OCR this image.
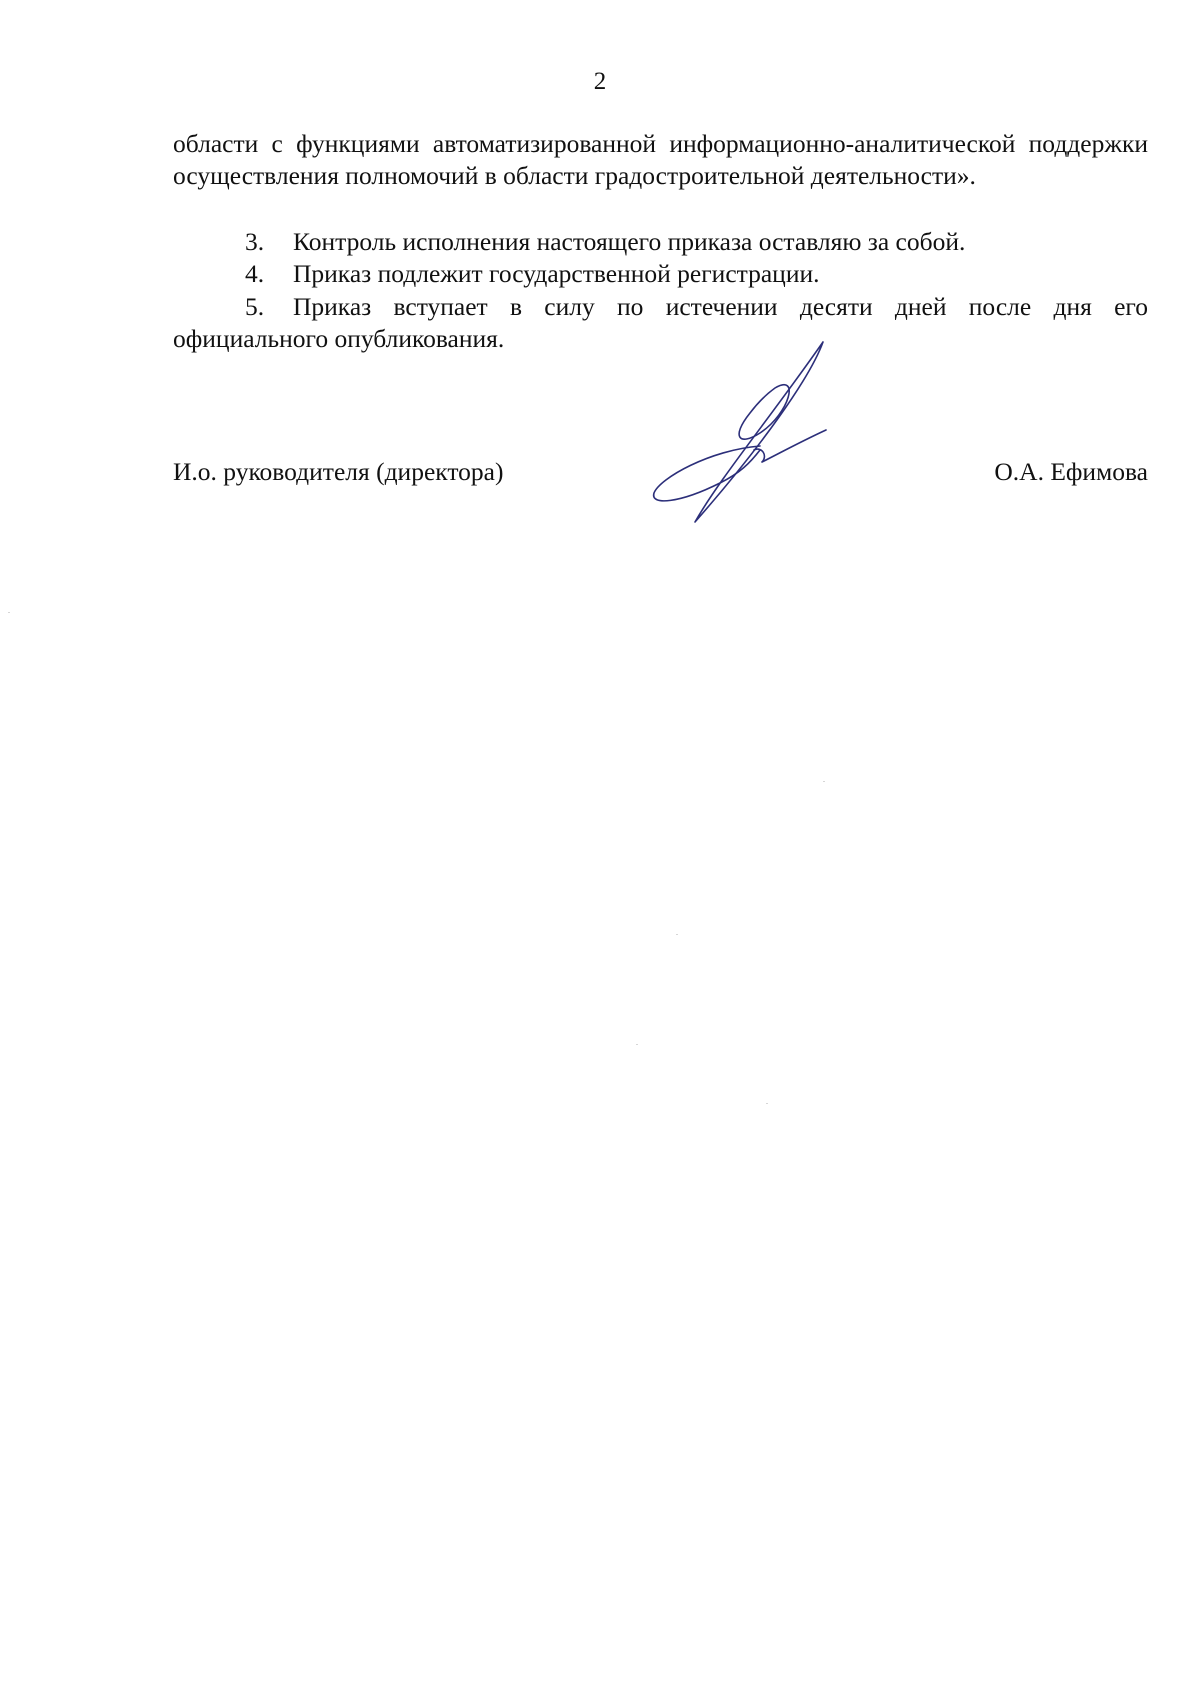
2
области с функциями автоматизированной информационно-аналитической поддержки осуществления полномочий в области градостроительной деятельности».
3. Контроль исполнения настоящего приказа оставляю за собой.
4. Приказ подлежит государственной регистрации.
5. Приказ вступает в силу по истечении десяти дней после дня его официального опубликования.
И.о. руководителя (директора)	О.А. Ефимова
